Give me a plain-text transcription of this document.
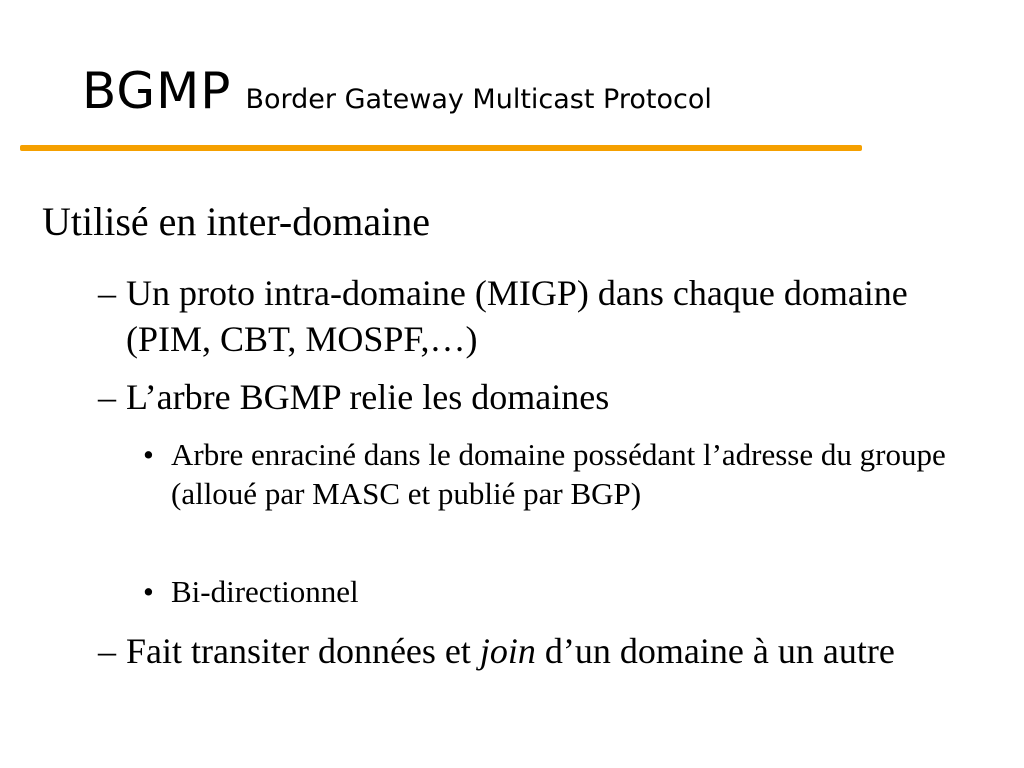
BGMP Border Gateway Multicast Protocol
Utilisé en inter-domaine
– Un proto intra-domaine (MIGP) dans chaque domaine (PIM, CBT, MOSPF,…)
– L’arbre BGMP relie les domaines
• Arbre enraciné dans le domaine possédant l’adresse du groupe (alloué par MASC et publié par BGP)
• Bi-directionnel
– Fait transiter données et join d’un domaine à un autre
